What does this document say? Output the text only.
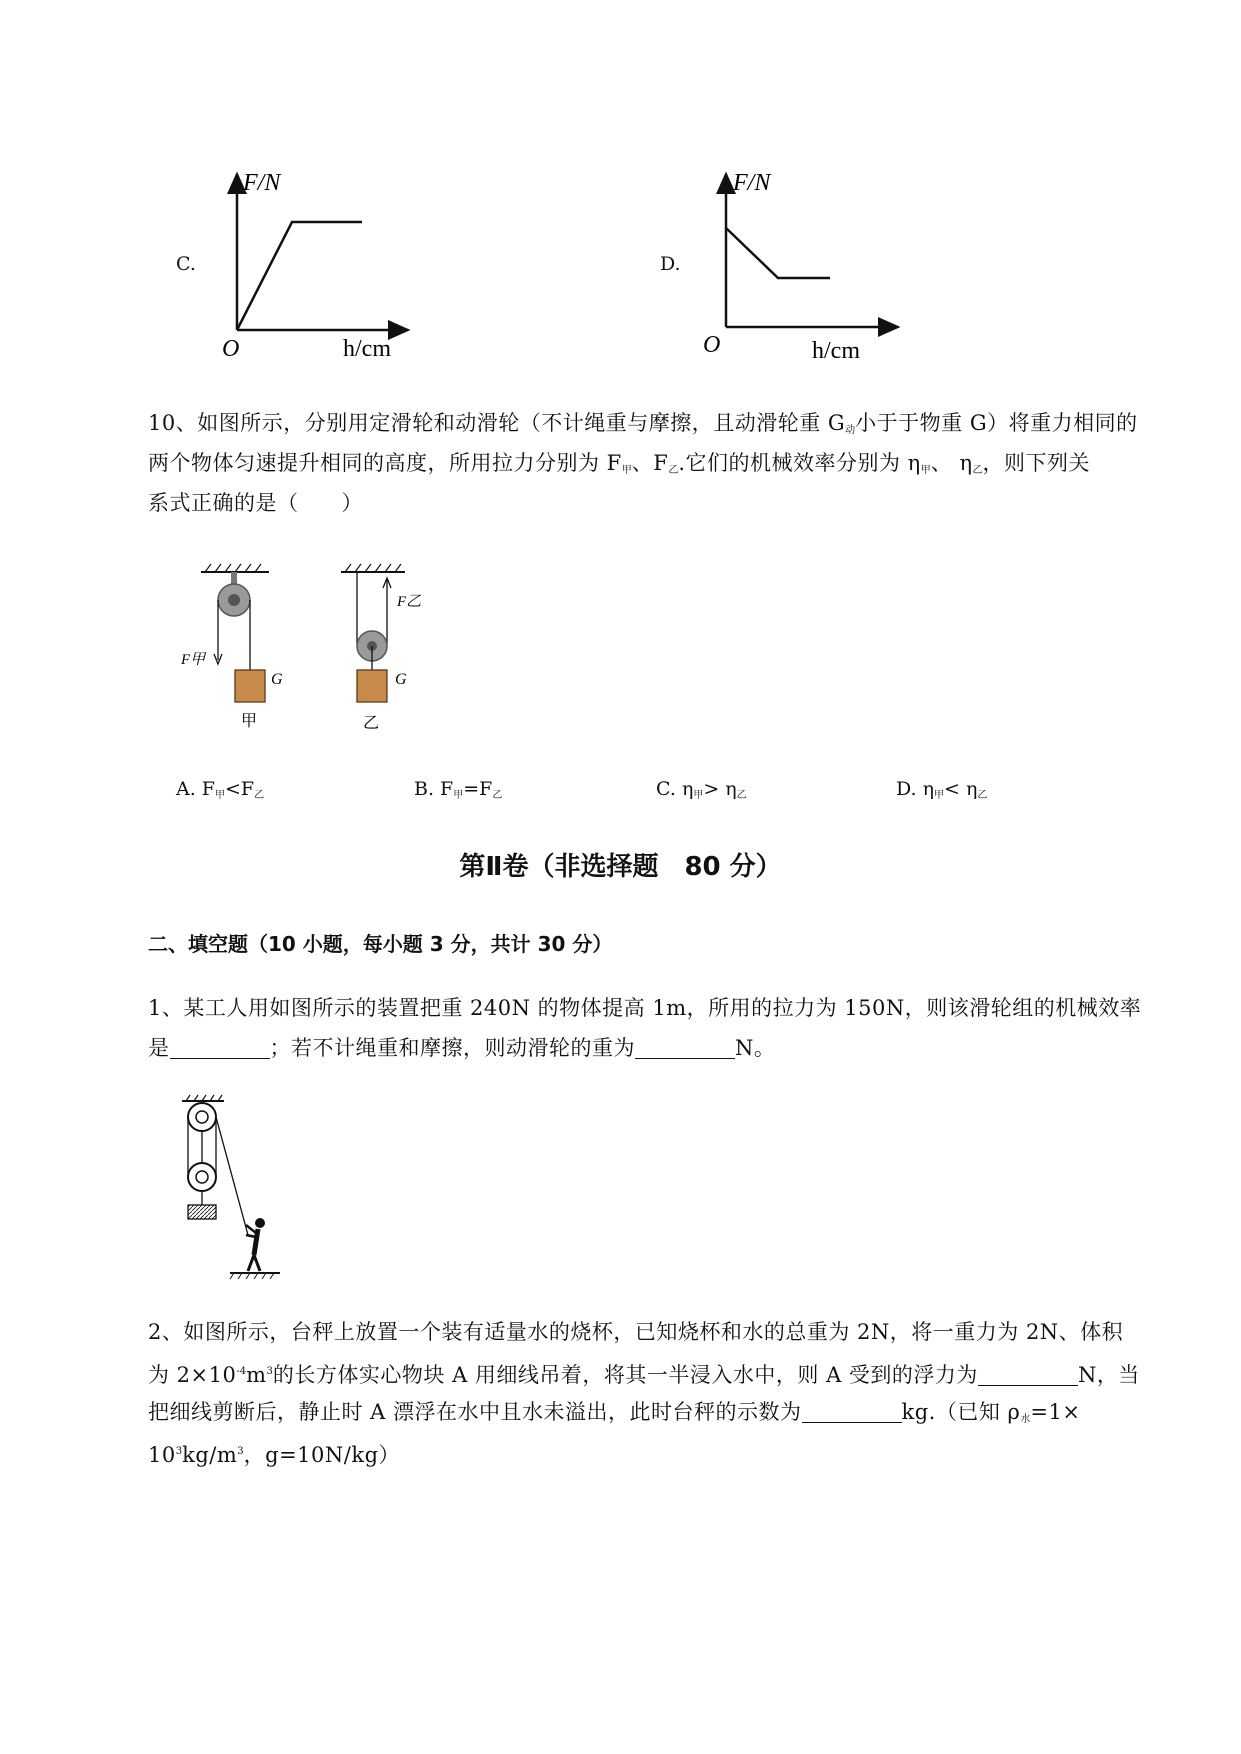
C.
F/N
O	h/cm
D.
F/N
O	h/cm
10、如图所示，分别用定滑轮和动滑轮（不计绳重与摩擦，且动滑轮重 $G_动$小于于物重 G）将重力相同的
两个物体匀速提升相同的高度，所用拉力分别为 $F_甲$、$F_乙$.它们的机械效率分别为 $\eta_甲$、 $\eta_乙$，则下列关
系式正确的是（　　）
F甲
G
甲
F乙
G
乙
A. $F_甲<F_乙$	B. $F_甲=F_乙$	C. $\eta_甲> \eta_乙$	D. $\eta_甲< \eta_乙$
第Ⅱ卷（非选择题　80 分）
二、填空题（10 小题，每小题 3 分，共计 30 分）
1、某工人用如图所示的装置把重 240N 的物体提高 1m，所用的拉力为 150N，则该滑轮组的机械效率
是	；若不计绳重和摩擦，则动滑轮的重为	N。
2、如图所示，台秤上放置一个装有适量水的烧杯，已知烧杯和水的总重为 2N，将一重力为 2N、体积
为 $2\times 10^{-4}m^3$的长方体实心物块 A 用细线吊着，将其一半浸入水中，则 A 受到的浮力为	N，当
把细线剪断后，静止时 A 漂浮在水中且水未溢出，此时台秤的示数为	kg.（已知 $\rho_水=1\times$
$10^3kg/m^3$，g=10N/kg）
